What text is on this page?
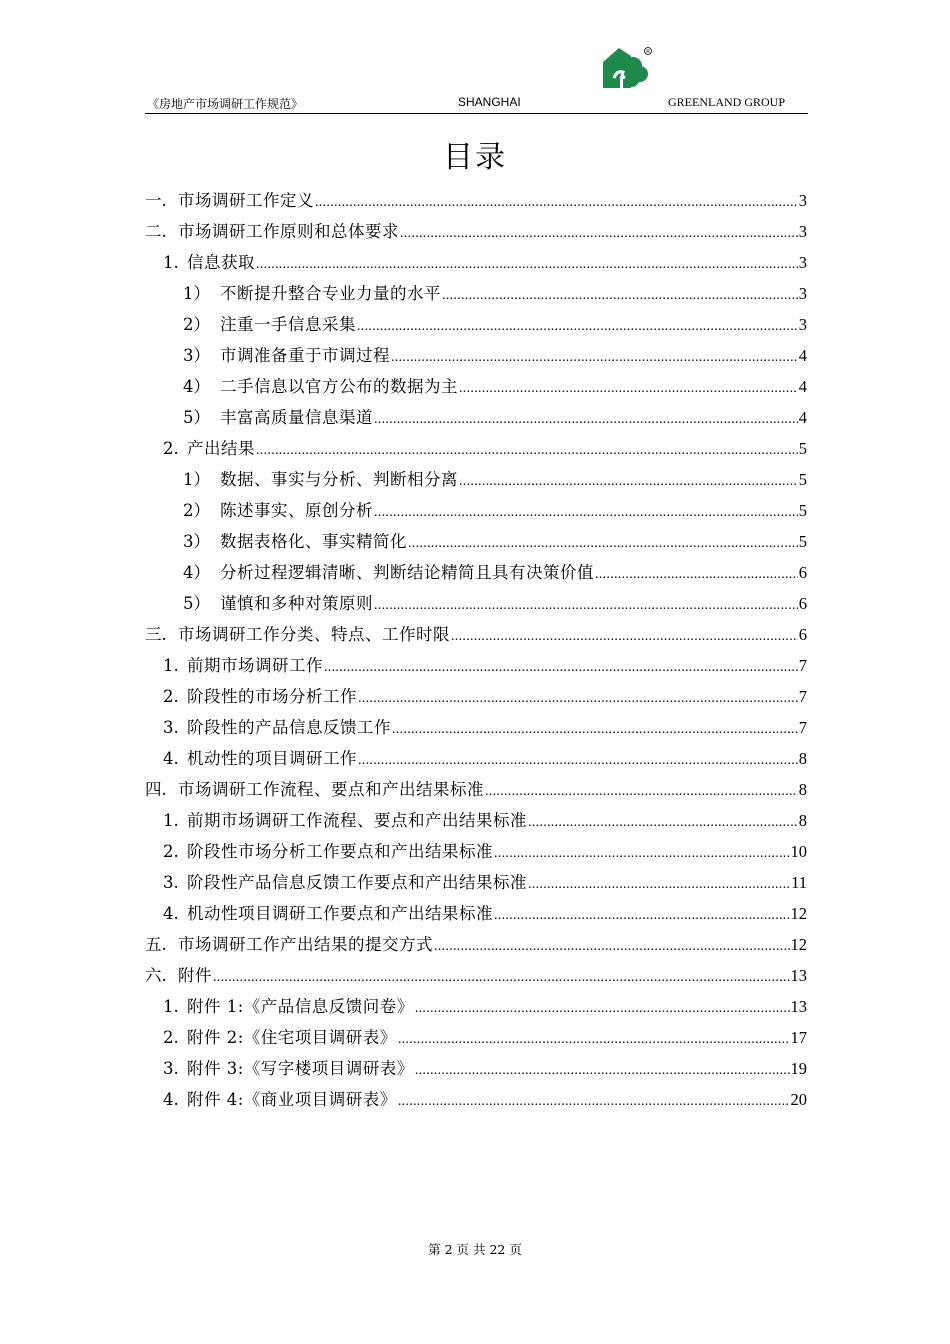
《房地产市场调研工作规范》	SHANGHAI	GREENLAND GROUP
R
目录
一. 市场调研工作定义 .....	3
二. 市场调研工作原则和总体要求 .....	3
1. 信息获取 .....	3
1） 不断提升整合专业力量的水平 .....	3
2） 注重一手信息采集 .....	3
3） 市调准备重于市调过程 .....	4
4） 二手信息以官方公布的数据为主 .....	4
5） 丰富高质量信息渠道 .....	4
2. 产出结果 .....	5
1） 数据、事实与分析、判断相分离 .....	5
2） 陈述事实、原创分析 .....	5
3） 数据表格化、事实精简化 .....	5
4） 分析过程逻辑清晰、判断结论精简且具有决策价值 .....	6
5） 谨慎和多种对策原则 .....	6
三. 市场调研工作分类、特点、工作时限 .....	6
1. 前期市场调研工作 .....	7
2. 阶段性的市场分析工作 .....	7
3. 阶段性的产品信息反馈工作 .....	7
4. 机动性的项目调研工作 .....	8
四. 市场调研工作流程、要点和产出结果标准 .....	8
1. 前期市场调研工作流程、要点和产出结果标准 .....	8
2. 阶段性市场分析工作要点和产出结果标准 .....	10
3. 阶段性产品信息反馈工作要点和产出结果标准 .....	11
4. 机动性项目调研工作要点和产出结果标准 .....	12
五. 市场调研工作产出结果的提交方式 .....	12
六. 附件 .....	13
1. 附件 1:《产品信息反馈问卷》 .....	13
2. 附件 2:《住宅项目调研表》 .....	17
3. 附件 3:《写字楼项目调研表》 .....	19
4. 附件 4:《商业项目调研表》 .....	20
第 2 页 共 22 页
